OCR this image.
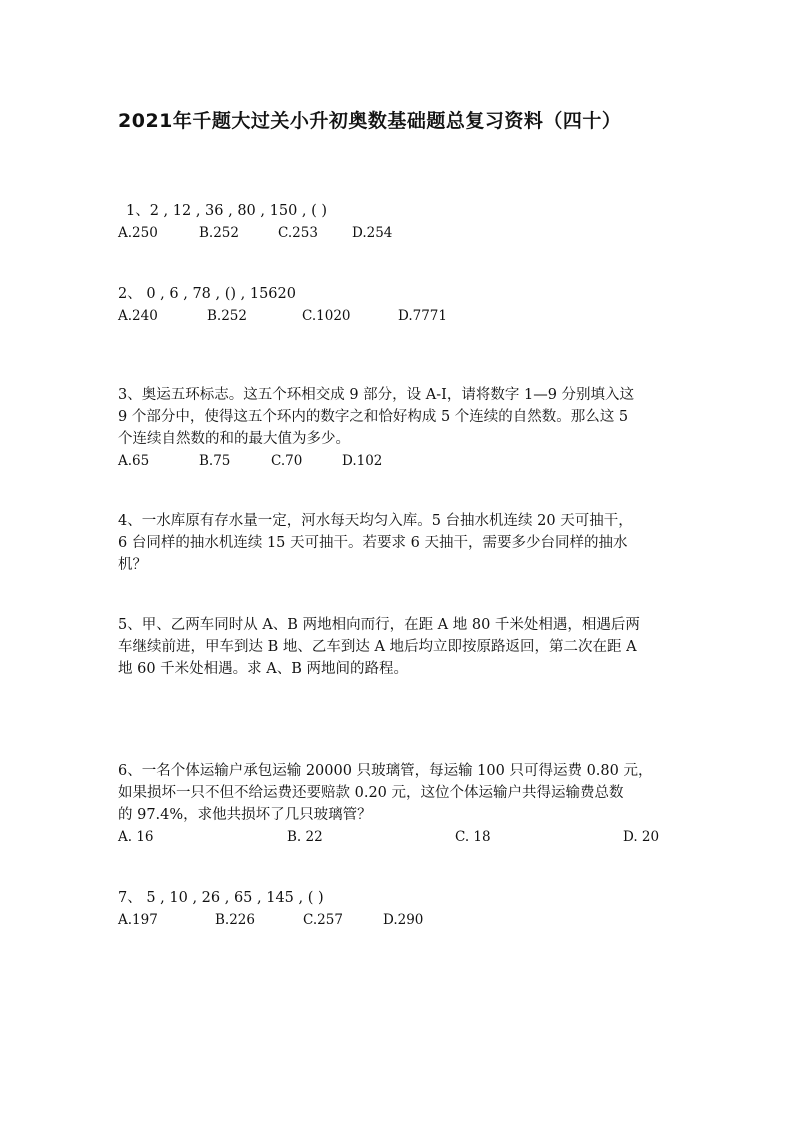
2021年千题大过关小升初奥数基础题总复习资料（四十）
1、2 , 12 , 36 , 80 , 150 , ( )
A.250	B.252	C.253	D.254
2、 0 , 6 , 78 , () , 15620
A.240	B.252	C.1020	D.7771
3、奥运五环标志。这五个环相交成 9 部分，设 A-I，请将数字 1—9 分别填入这
9 个部分中，使得这五个环内的数字之和恰好构成 5 个连续的自然数。那么这 5
个连续自然数的和的最大值为多少。
A.65	B.75	C.70	D.102
4、一水库原有存水量一定，河水每天均匀入库。5 台抽水机连续 20 天可抽干，
6 台同样的抽水机连续 15 天可抽干。若要求 6 天抽干，需要多少台同样的抽水
机？
5、甲、乙两车同时从 A、B 两地相向而行，在距 A 地 80 千米处相遇，相遇后两
车继续前进，甲车到达 B 地、乙车到达 A 地后均立即按原路返回，第二次在距 A
地 60 千米处相遇。求 A、B 两地间的路程。
6、一名个体运输户承包运输 20000 只玻璃管，每运输 100 只可得运费 0.80 元，
如果损坏一只不但不给运费还要赔款 0.20 元，这位个体运输户共得运输费总数
的 97.4%，求他共损坏了几只玻璃管？
A. 16	B. 22	C. 18	D. 20
7、 5 , 10 , 26 , 65 , 145 , ( )
A.197	B.226	C.257	D.290
